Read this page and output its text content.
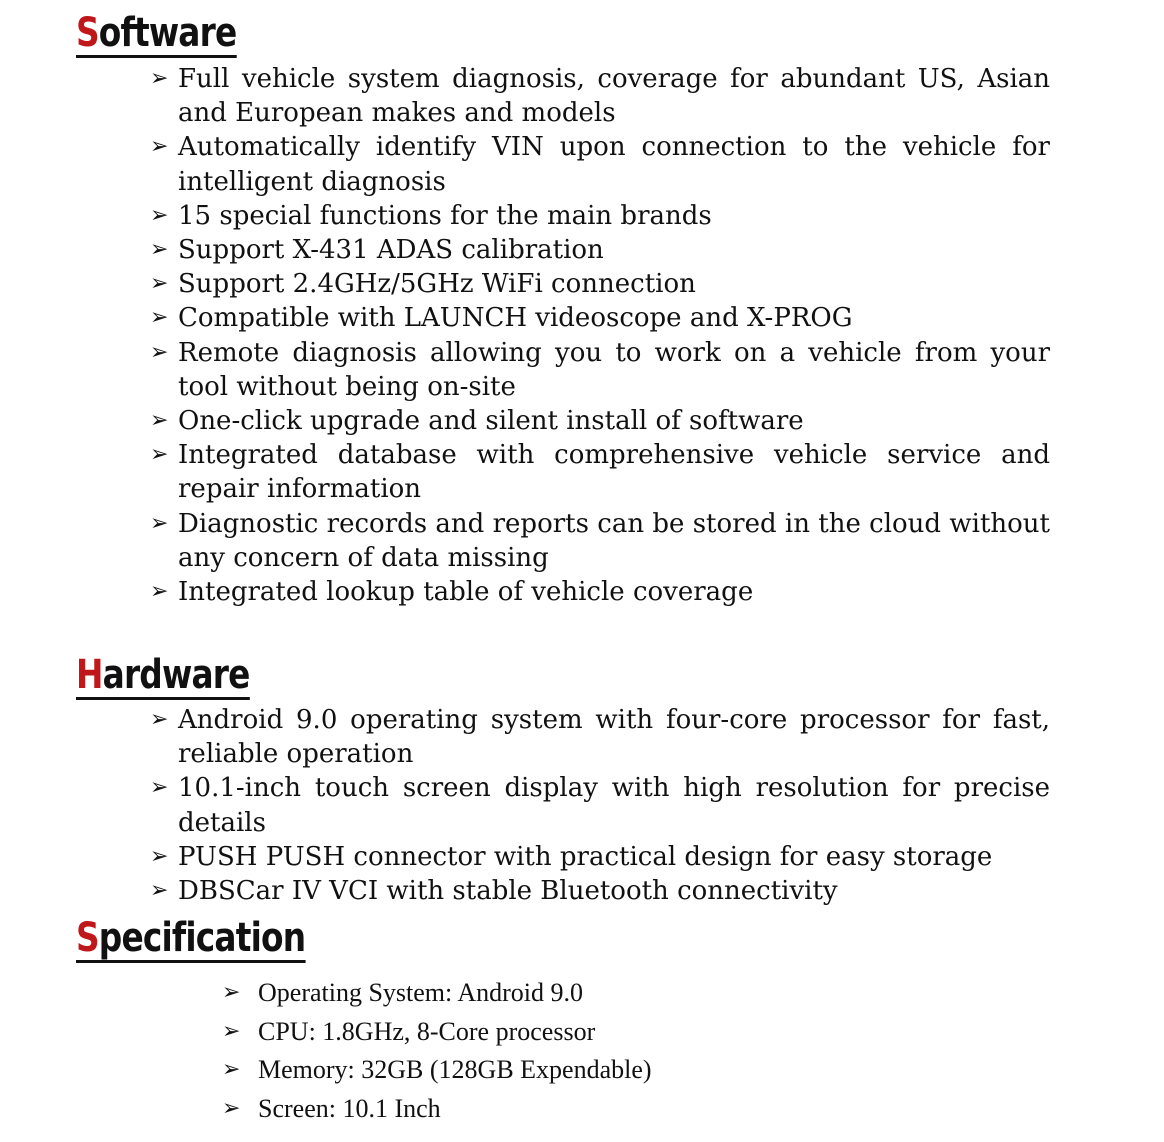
Software
➢ Full vehicle system diagnosis, coverage for abundant US, Asian and European makes and models
➢ Automatically identify VIN upon connection to the vehicle for intelligent diagnosis
➢ 15 special functions for the main brands
➢ Support X-431 ADAS calibration
➢ Support 2.4GHz/5GHz WiFi connection
➢ Compatible with LAUNCH videoscope and X-PROG
➢ Remote diagnosis allowing you to work on a vehicle from your tool without being on-site
➢ One-click upgrade and silent install of software
➢ Integrated database with comprehensive vehicle service and repair information
➢ Diagnostic records and reports can be stored in the cloud without any concern of data missing
➢ Integrated lookup table of vehicle coverage
Hardware
➢ Android 9.0 operating system with four-core processor for fast, reliable operation
➢ 10.1-inch touch screen display with high resolution for precise details
➢ PUSH PUSH connector with practical design for easy storage
➢ DBSCar IV VCI with stable Bluetooth connectivity
Specification
➢ Operating System: Android 9.0
➢ CPU: 1.8GHz, 8-Core processor
➢ Memory: 32GB (128GB Expendable)
➢ Screen: 10.1 Inch
